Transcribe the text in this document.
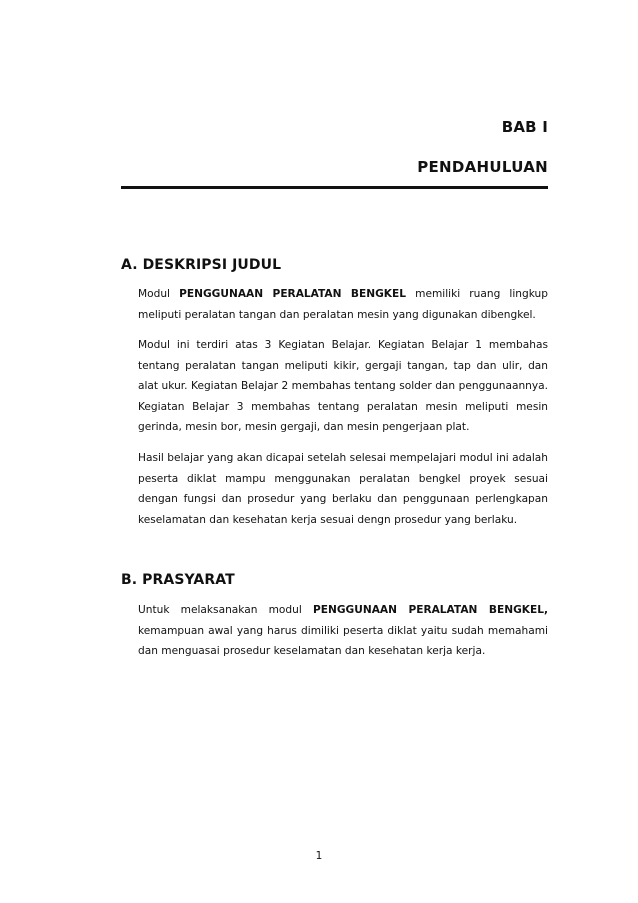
BAB I
PENDAHULUAN
A. DESKRIPSI JUDUL
Modul PENGGUNAAN PERALATAN BENGKEL memiliki ruang lingkup meliputi peralatan tangan dan peralatan mesin yang digunakan dibengkel.
Modul ini terdiri atas 3 Kegiatan Belajar. Kegiatan Belajar 1 membahas tentang peralatan tangan meliputi kikir, gergaji tangan, tap dan ulir, dan alat ukur. Kegiatan Belajar 2 membahas tentang solder dan penggunaannya. Kegiatan Belajar 3 membahas tentang peralatan mesin meliputi mesin gerinda, mesin bor, mesin gergaji, dan mesin pengerjaan plat.
Hasil belajar yang akan dicapai setelah selesai mempelajari modul ini adalah peserta diklat mampu menggunakan peralatan bengkel proyek sesuai dengan fungsi dan prosedur yang berlaku dan penggunaan perlengkapan keselamatan dan kesehatan kerja sesuai dengn prosedur yang berlaku.
B. PRASYARAT
Untuk melaksanakan modul PENGGUNAAN PERALATAN BENGKEL, kemampuan awal yang harus dimiliki peserta diklat yaitu sudah memahami dan menguasai prosedur keselamatan dan kesehatan kerja kerja.
1
